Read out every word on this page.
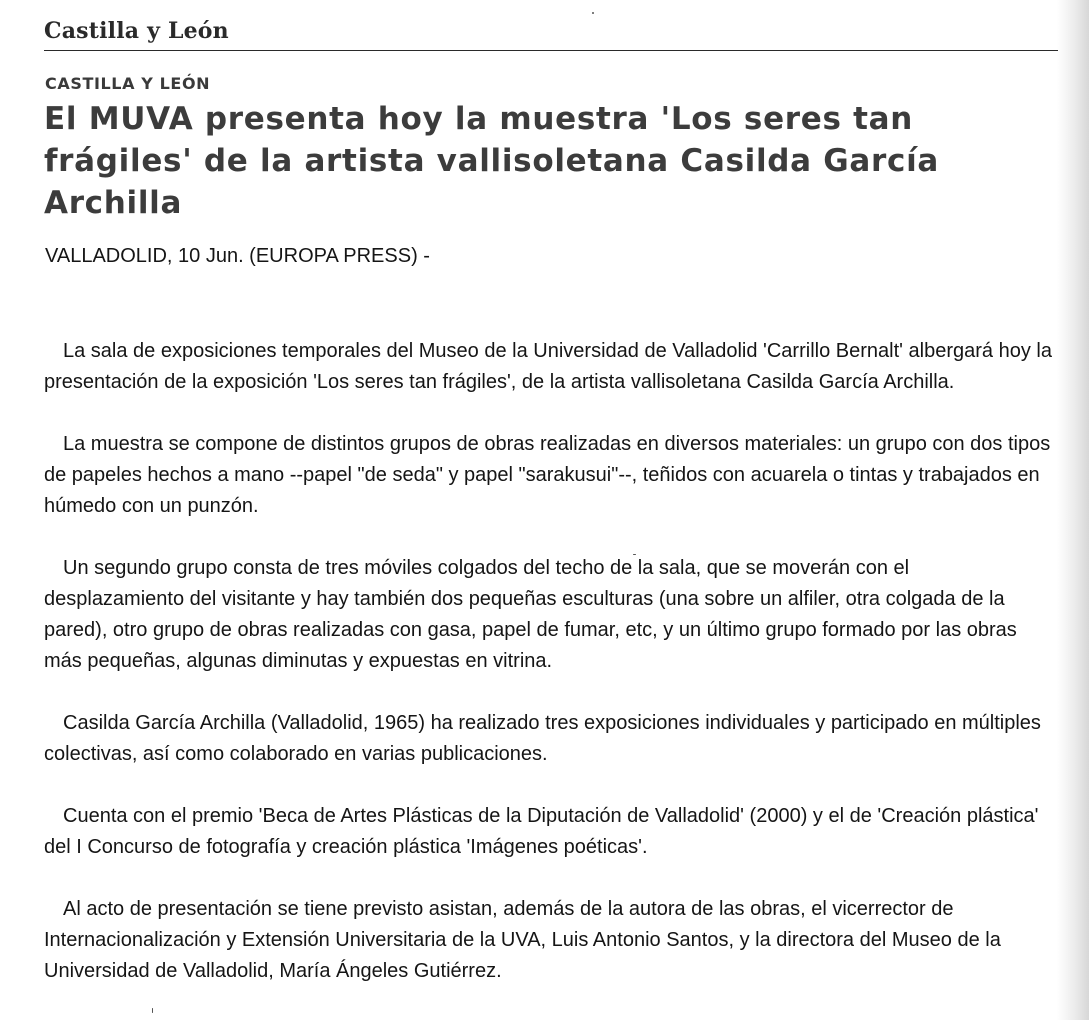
Castilla y León
CASTILLA Y LEÓN
El MUVA presenta hoy la muestra 'Los seres tan frágiles' de la artista vallisoletana Casilda García Archilla
VALLADOLID, 10 Jun. (EUROPA PRESS) -

La sala de exposiciones temporales del Museo de la Universidad de Valladolid 'Carrillo Bernalt' albergará hoy la presentación de la exposición 'Los seres tan frágiles', de la artista vallisoletana Casilda García Archilla.

La muestra se compone de distintos grupos de obras realizadas en diversos materiales: un grupo con dos tipos de papeles hechos a mano --papel "de seda" y papel "sarakusui"--, teñidos con acuarela o tintas y trabajados en húmedo con un punzón.

Un segundo grupo consta de tres móviles colgados del techo de la sala, que se moverán con el desplazamiento del visitante y hay también dos pequeñas esculturas (una sobre un alfiler, otra colgada de la pared), otro grupo de obras realizadas con gasa, papel de fumar, etc, y un último grupo formado por las obras más pequeñas, algunas diminutas y expuestas en vitrina.

Casilda García Archilla (Valladolid, 1965) ha realizado tres exposiciones individuales y participado en múltiples colectivas, así como colaborado en varias publicaciones.

Cuenta con el premio 'Beca de Artes Plásticas de la Diputación de Valladolid' (2000) y el de 'Creación plástica' del I Concurso de fotografía y creación plástica 'Imágenes poéticas'.

Al acto de presentación se tiene previsto asistan, además de la autora de las obras, el vicerrector de Internacionalización y Extensión Universitaria de la UVA, Luis Antonio Santos, y la directora del Museo de la Universidad de Valladolid, María Ángeles Gutiérrez.
